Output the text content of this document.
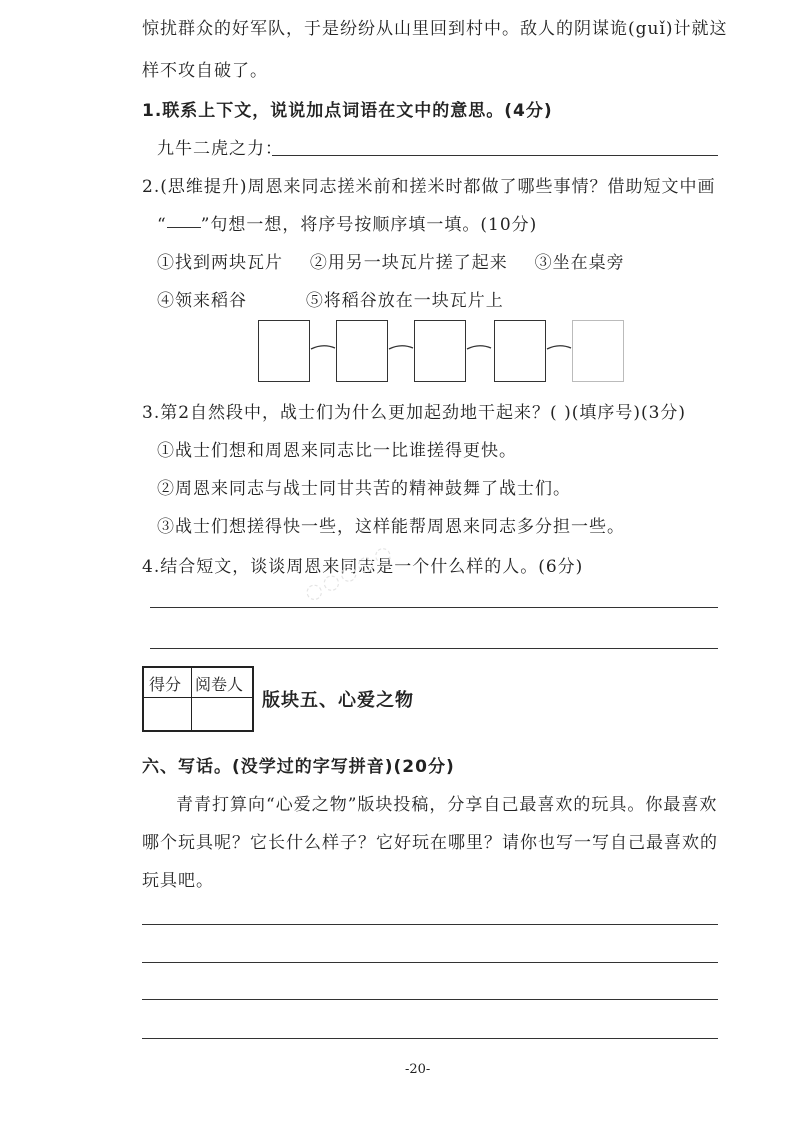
惊扰群众的好军队，于是纷纷从山里回到村中。敌人的阴谋诡(guǐ)计就这
样不攻自破了。
1.联系上下文，说说加点词语在文中的意思。(4分)
九牛二虎之力：
2.(思维提升)周恩来同志搓米前和搓米时都做了哪些事情？借助短文中画
“ ”句想一想，将序号按顺序填一填。(10分)
①找到两块瓦片 ②用另一块瓦片搓了起来 ③坐在桌旁
④领来稻谷	⑤将稻谷放在一块瓦片上
3.第2自然段中，战士们为什么更加起劲地干起来？( )(填序号)(3分)
①战士们想和周恩来同志比一比谁搓得更快。
②周恩来同志与战士同甘共苦的精神鼓舞了战士们。
③战士们想搓得快一些，这样能帮周恩来同志多分担一些。
4.结合短文，谈谈周恩来同志是一个什么样的人。(6分)
◌◌◌◌◌
得分 阅卷人
版块五、心爱之物
六、写话。(没学过的字写拼音)(20分)
青青打算向“心爱之物”版块投稿，分享自己最喜欢的玩具。你最喜欢
哪个玩具呢？它长什么样子？它好玩在哪里？请你也写一写自己最喜欢的
玩具吧。
-20-
